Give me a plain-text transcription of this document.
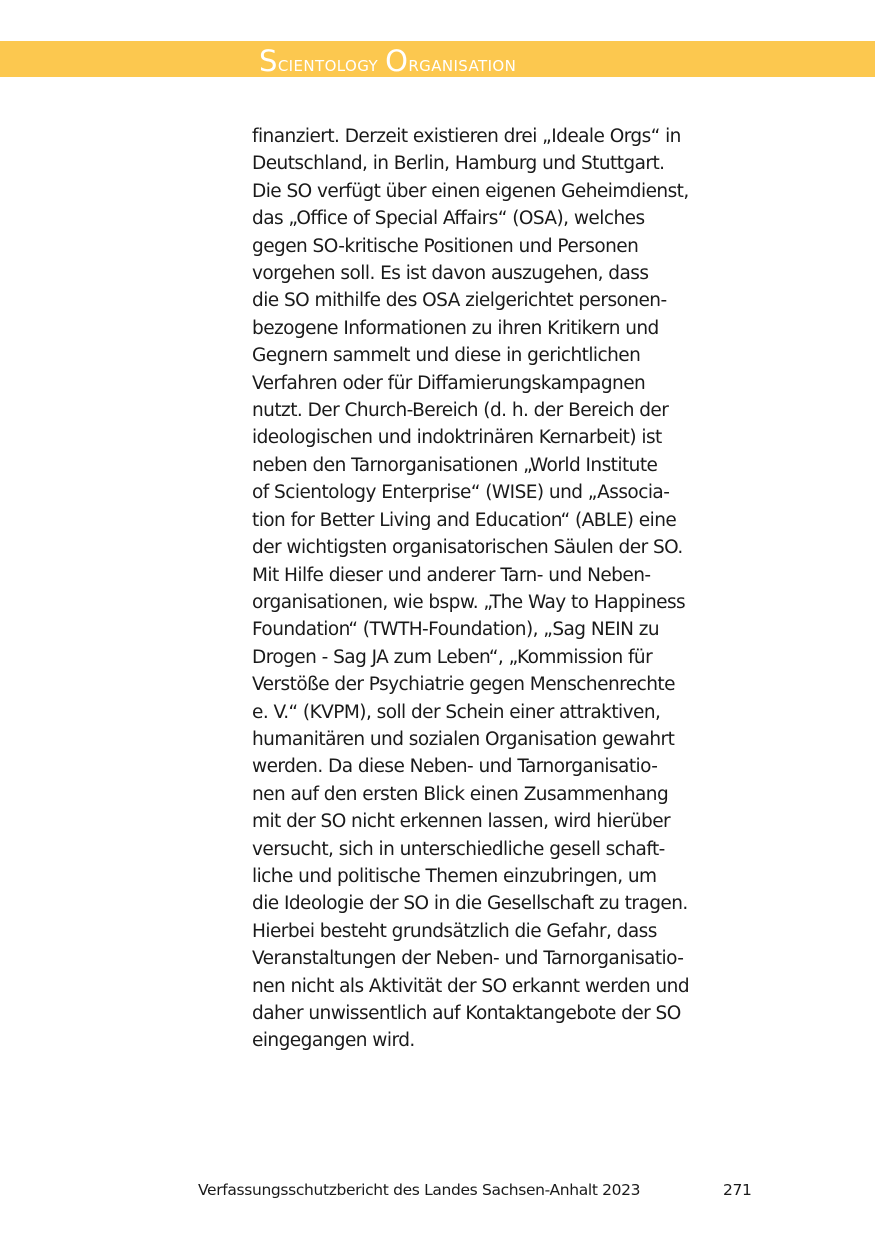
Scientology Organisation

finanziert. Derzeit existieren drei „Ideale Orgs“ in
Deutschland, in Berlin, Hamburg und Stuttgart.
Die SO verfügt über einen eigenen Geheimdienst,
das „Office of Special Affairs“ (OSA), welches
gegen SO-kritische Positionen und Personen
vorgehen soll. Es ist davon auszugehen, dass
die SO mithilfe des OSA zielgerichtet personen-
bezogene Informationen zu ihren Kritikern und
Gegnern sammelt und diese in gerichtlichen
Verfahren oder für Diffamierungskampagnen
nutzt. Der Church-Bereich (d. h. der Bereich der
ideologischen und indoktrinären Kernarbeit) ist
neben den Tarnorganisationen „World Institute
of Scientology Enterprise“ (WISE) und „Associa-
tion for Better Living and Education“ (ABLE) eine
der wichtigsten organisatorischen Säulen der SO.
Mit Hilfe dieser und anderer Tarn- und Neben-
organisationen, wie bspw. „The Way to Happiness
Foundation“ (TWTH-Foundation), „Sag NEIN zu
Drogen - Sag JA zum Leben“, „Kommission für
Verstöße der Psychiatrie gegen Menschenrechte
e. V.“ (KVPM), soll der Schein einer attraktiven,
humanitären und sozialen Organisation gewahrt
werden. Da diese Neben- und Tarnorganisatio-
nen auf den ersten Blick einen Zusammenhang
mit der SO nicht erkennen lassen, wird hierüber
versucht, sich in unterschiedliche gesell schaft-
liche und politische Themen einzubringen, um
die Ideologie der SO in die Gesellschaft zu tragen.
Hierbei besteht grundsätzlich die Gefahr, dass
Veranstaltungen der Neben- und Tarnorganisatio-
nen nicht als Aktivität der SO erkannt werden und
daher unwissentlich auf Kontaktangebote der SO
eingegangen wird.

Verfassungsschutzbericht des Landes Sachsen-Anhalt 2023	271
